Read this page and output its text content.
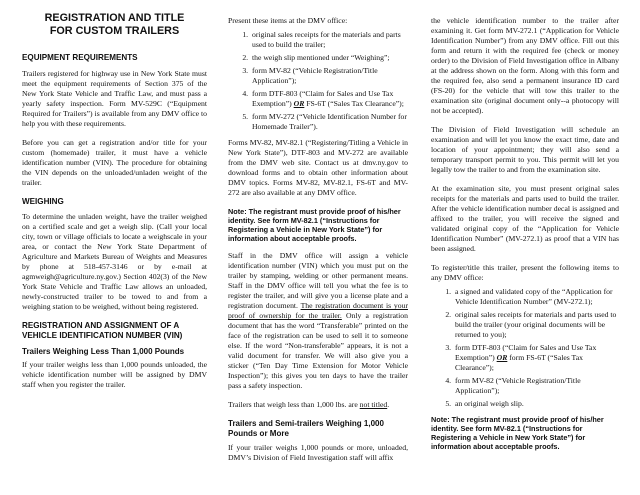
REGISTRATION AND TITLE
FOR CUSTOM TRAILERS
EQUIPMENT REQUIREMENTS

Trailers registered for highway use in New York State must meet the equipment requirements of Section 375 of the New York State Vehicle and Traffic Law, and must pass a yearly safety inspection. Form MV-529C (“Equipment Required for Trailers”) is available from any DMV office to help you with these requirements.

Before you can get a registration and/or title for your custom (homemade) trailer, it must have a vehicle identification number (VIN). The procedure for obtaining the VIN depends on the unloaded/unladen weight of the trailer.

WEIGHING

To determine the unladen weight, have the trailer weighed on a certified scale and get a weigh slip. (Call your local city, town or village officials to locate a weighscale in your area, or contact the New York State Department of Agriculture and Markets Bureau of Weights and Measures by phone at 518-457-3146 or by e-mail at agmweigh@agriculture.ny.gov.) Section 402(3) of the New York State Vehicle and Traffic Law allows an unloaded, newly-constructed trailer to be towed to and from a weighing station to be weighed, without being registered.

REGISTRATION AND ASSIGNMENT OF A VEHICLE IDENTIFICATION NUMBER (VIN)
Trailers Weighing Less Than 1,000 Pounds

If your trailer weighs less than 1,000 pounds unloaded, the vehicle identification number will be assigned by DMV staff when you register the trailer.

Present these items at the DMV office:

1. original sales receipts for the materials and parts used to build the trailer;
2. the weigh slip mentioned under “Weighing”;
3. form MV-82 (“Vehicle Registration/Title Application”);
4. form DTF-803 (“Claim for Sales and Use Tax Exemption”) OR FS-6T (“Sales Tax Clearance”);
5. form MV-272 (“Vehicle Identification Number for Homemade Trailer”).

Forms MV-82, MV-82.1 (“Registering/Titling a Vehicle in New York State”), DTF-803 and MV-272 are available from the DMV web site. Contact us at dmv.ny.gov to download forms and to obtain other information about DMV topics. Forms MV-82, MV-82.1, FS-6T and MV-272 are also available at any DMV office.

Note: The registrant must provide proof of his/her identity. See form MV-82.1 (“Instructions for Registering a Vehicle in New York State”) for information about acceptable proofs.

Staff in the DMV office will assign a vehicle identification number (VIN) which you must put on the trailer by stamping, welding or other permanent means. Staff in the DMV office will tell you what the fee is to register the trailer, and will give you a license plate and a registration document. The registration document is your proof of ownership for the trailer. Only a registration document that has the word “Transferable” printed on the face of the registration can be used to sell it to someone else. If the word “Non-transferable” appears, it is not a valid document for transfer. We will also give you a sticker (“Ten Day Time Extension for Motor Vehicle Inspection”); this gives you ten days to have the trailer pass a safety inspection.

Trailers that weigh less than 1,000 lbs. are not titled.

Trailers and Semi-trailers Weighing 1,000 Pounds or More

If your trailer weighs 1,000 pounds or more, unloaded, DMV’s Division of Field Investigation staff will affix

the vehicle identification number to the trailer after examining it. Get form MV-272.1 (“Application for Vehicle Identification Number”) from any DMV office. Fill out this form and return it with the required fee (check or money order) to the Division of Field Investigation office in Albany at the address shown on the form. Along with this form and the required fee, also send a permanent insurance ID card (FS-20) for the vehicle that will tow this trailer to the examination site (original document only--a photocopy will not be accepted).

The Division of Field Investigation will schedule an examination and will let you know the exact time, date and location of your appointment; they will also send a temporary transport permit to you. This permit will let you legally tow the trailer to and from the examination site.

At the examination site, you must present original sales receipts for the materials and parts used to build the trailer. After the vehicle identification number decal is assigned and affixed to the trailer, you will receive the signed and validated original copy of the “Application for Vehicle Identification Number” (MV-272.1) as proof that a VIN has been assigned.

To register/title this trailer, present the following items to any DMV office:

1. a signed and validated copy of the “Application for Vehicle Identification Number” (MV-272.1);
2. original sales receipts for materials and parts used to build the trailer (your original documents will be returned to you);
3. form DTF-803 (“Claim for Sales and Use Tax Exemption”) OR form FS-6T (“Sales Tax Clearance”);
4. form MV-82 (“Vehicle Registration/Title Application”);
5. an original weigh slip.
Note: The registrant must provide proof of his/her identity. See form MV-82.1 (“Instructions for Registering a Vehicle in New York State”) for information about acceptable proofs.
